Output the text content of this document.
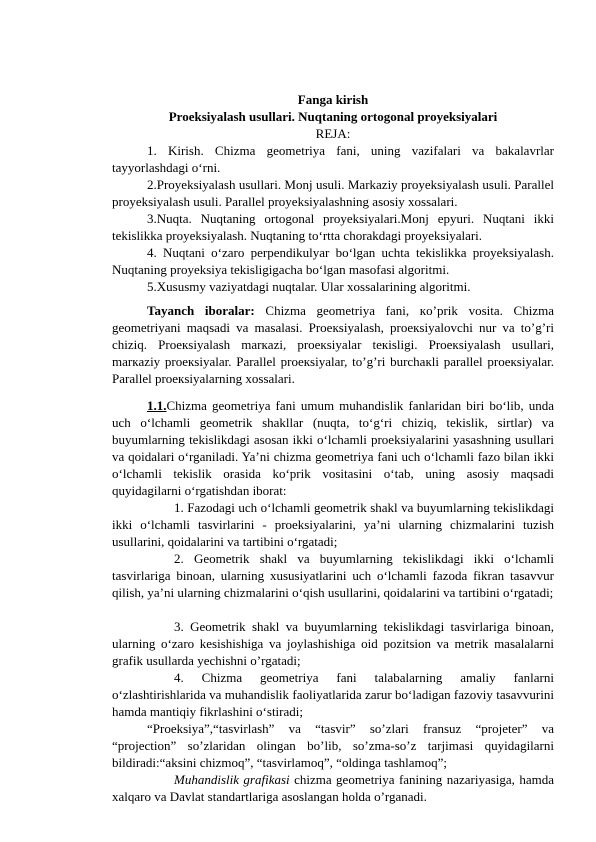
Fanga kirish
Proeksiyalash usullari. Nuqtaning ortogonal proyeksiyalari
REJA:
1. Kirish. Chizma geometriya fani, uning vazifalari va bakalavrlar tayyorlashdagi o‘rni.
2.Proyeksiyalash usullari. Monj usuli. Markaziy proyeksiyalash usuli. Parallel proyeksiyalash usuli. Parallel proyeksiyalashning asosiy xossalari.
3.Nuqta. Nuqtaning ortogonal proyeksiyalari.Monj epyuri. Nuqtani ikki tekislikka proyeksiyalash. Nuqtaning to‘rtta chorakdagi proyeksiyalari.
4. Nuqtani o‘zaro perpendikulyar bo‘lgan uchta tekislikka proyeksiyalash. Nuqtaning proyeksiya tekisligigacha bo‘lgan masofasi algoritmi.
5.Xususmy vaziyatdagi nuqtalar. Ular xossalarining algoritmi.
Tayanch iboralar: Chizma geometriya fani, кo’prik vosita. Chizma geometriyani maqsadi va masalasi. Proeкsiyalash, proeкsiyalovchi nur va to’g’ri chiziq. Proeкsiyalash marкazi, proeкsiyalar teкisligi. Proeкsiyalash usullari, marкaziy proeкsiyalar. Parallel proeкsiyalar, to’g’ri burchaкli parallel proeкsiyalar. Parallel proeкsiyalarning xossalari.
1.1.Chizma geometriya fani umum muhandislik fanlaridan biri bo‘lib, unda uch o‘lchamli geometrik shakllar (nuqta, to‘g‘ri chiziq, tekislik, sirtlar) va buyumlarning tekislikdagi asosan ikki o‘lchamli proeksiyalarini yasashning usullari va qoidalari o‘rganiladi. Ya’ni chizma geometriya fani uch o‘lchamli fazo bilan ikki o‘lchamli tekislik orasida ko‘prik vositasini o‘tab, uning asosiy maqsadi quyidagilarni o‘rgatishdan iborat:
1. Fazodagi uch o‘lchamli geometrik shakl va buyumlarning tekislikdagi ikki o‘lchamli tasvirlarini - proeksiyalarini, ya’ni ularning chizmalarini tuzish usullarini, qoidalarini va tartibini o‘rgatadi;
2. Geometrik shakl va buyumlarning tekislikdagi ikki o‘lchamli tasvirlariga binoan, ularning xususiyatlarini uch o‘lchamli fazoda fikran tasavvur qilish, ya’ni ularning chizmalarini o‘qish usullarini, qoidalarini va tartibini o‘rgatadi;
3. Geometrik shakl va buyumlarning tekislikdagi tasvirlariga binoan, ularning o‘zaro kesishishiga va joylashishiga oid pozitsion va metrik masalalarni grafik usullarda yechishni o’rgatadi;
4. Chizma geometriya fani talabalarning amaliy fanlarni o‘zlashtirishlarida va muhandislik faoliyatlarida zarur bo‘ladigan fazoviy tasavvurini hamda mantiqiy fikrlashini o‘stiradi;
“Proeksiya”,“tasvirlash” va “tasvir” so’zlari fransuz “projeter” va “projection” so’zlaridan olingan bo’lib, so’zma-so’z tarjimasi quyidagilarni bildiradi:“aksini chizmoq”, “tasvirlamoq”, “oldinga tashlamoq”;
Muhandislik grafikasi chizma geometriya fanining nazariyasiga, hamda xalqaro va Davlat standartlariga asoslangan holda o’rganadi.
